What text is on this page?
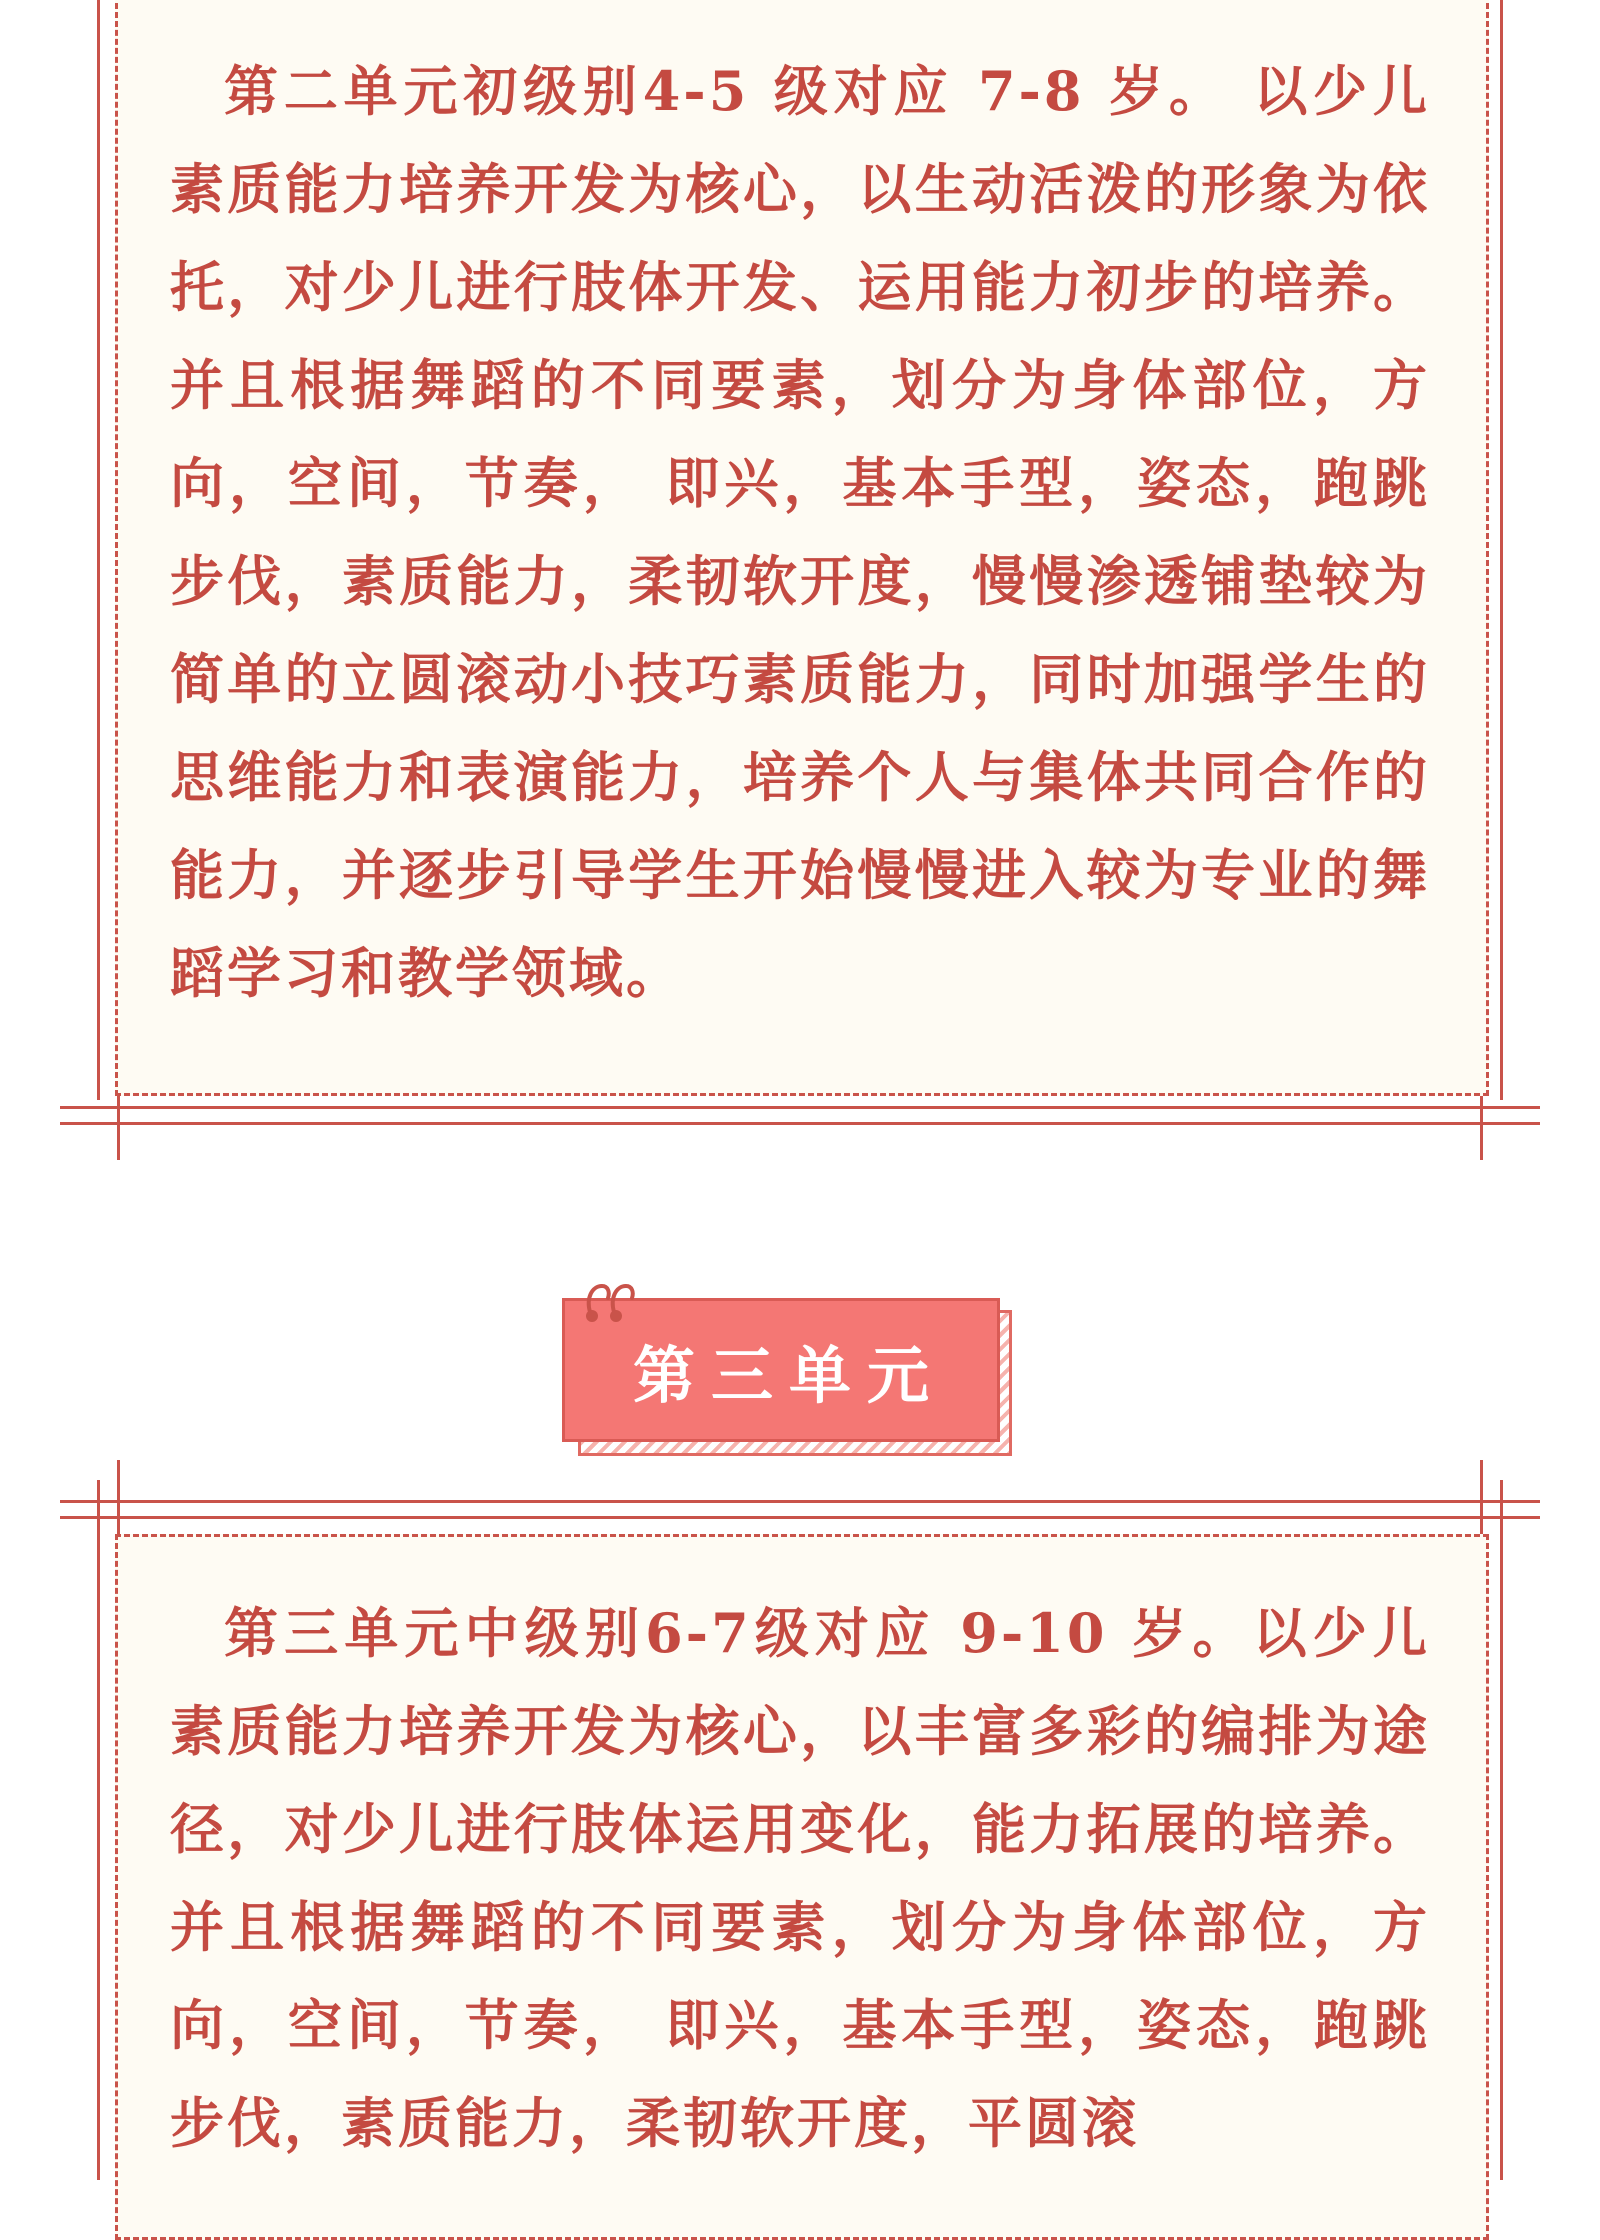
第二单元初级别4-5 级对应 7-8 岁。 以少儿素质能力培养开发为核心，以生动活泼的形象为依托，对少儿进行肢体开发、运用能力初步的培养。并且根据舞蹈的不同要素，划分为身体部位，方向，空间，节奏， 即兴，基本手型，姿态，跑跳步伐，素质能力，柔韧软开度，慢慢渗透铺垫较为简单的立圆滚动小技巧素质能力，同时加强学生的思维能力和表演能力，培养个人与集体共同合作的能力，并逐步引导学生开始慢慢进入较为专业的舞蹈学习和教学领域。
第三单元
第三单元中级别6-7级对应 9-10 岁。以少儿素质能力培养开发为核心，以丰富多彩的编排为途径，对少儿进行肢体运用变化，能力拓展的培养。并且根据舞蹈的不同要素，划分为身体部位，方向，空间，节奏， 即兴，基本手型，姿态，跑跳步伐，素质能力，柔韧软开度，平圆滚
